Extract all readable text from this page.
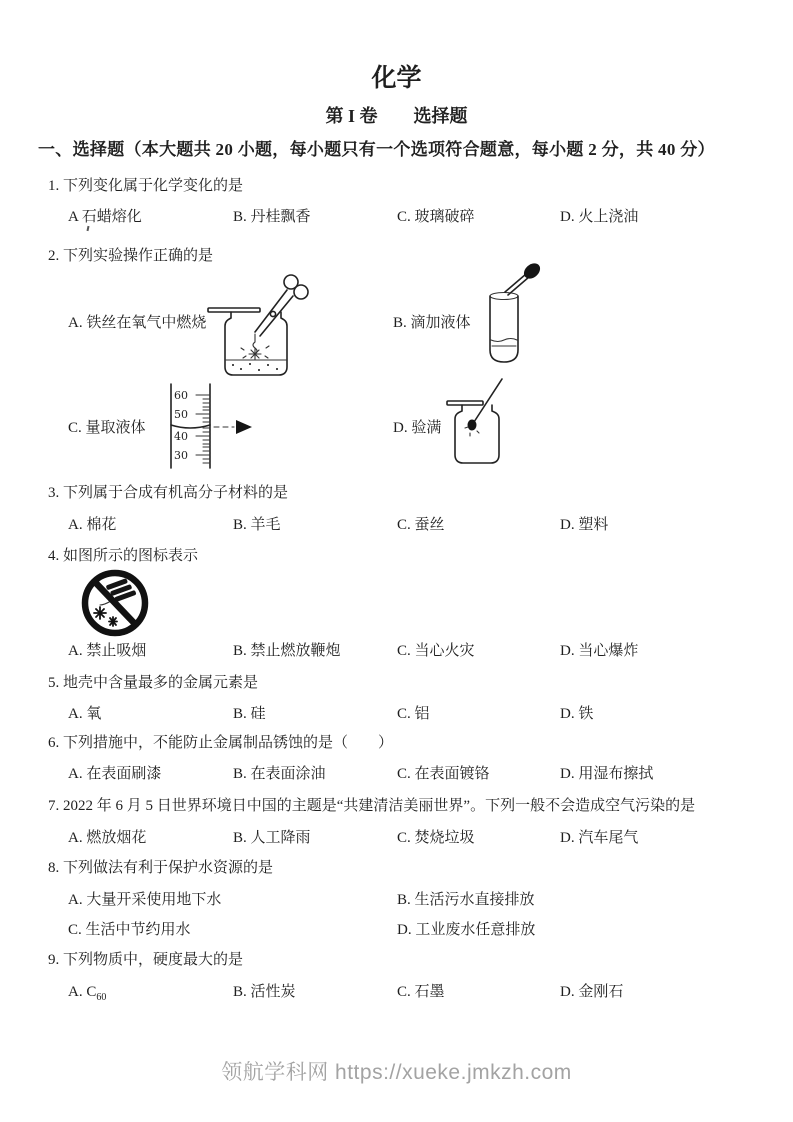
化学
第 I 卷　　选择题
一、选择题（本大题共 20 小题，每小题只有一个选项符合题意，每小题 2 分，共 40 分）
1. 下列变化属于化学变化的是
A 石蜡熔化	B. 丹桂飘香	C. 玻璃破碎	D. 火上浇油
2. 下列实验操作正确的是
A. 铁丝在氧气中燃烧	B. 滴加液体
C. 量取液体
60
50
40
30
D. 验满
3. 下列属于合成有机高分子材料的是
A. 棉花	B. 羊毛	C. 蚕丝	D. 塑料
4. 如图所示的图标表示
A. 禁止吸烟	B. 禁止燃放鞭炮	C. 当心火灾	D. 当心爆炸
5. 地壳中含量最多的金属元素是
A. 氧	B. 硅	C. 铝	D. 铁
6. 下列措施中，不能防止金属制品锈蚀的是（　　）
A. 在表面刷漆	B. 在表面涂油	C. 在表面镀铬	D. 用湿布擦拭
7. 2022 年 6 月 5 日世界环境日中国的主题是“共建清洁美丽世界”。下列一般不会造成空气污染的是
A. 燃放烟花	B. 人工降雨	C. 焚烧垃圾	D. 汽车尾气
8. 下列做法有利于保护水资源的是
A. 大量开采使用地下水	B. 生活污水直接排放
C. 生活中节约用水	D. 工业废水任意排放
9. 下列物质中，硬度最大的是
A. $C_{60}$	B. 活性炭	C. 石墨	D. 金刚石
领航学科网 https://xueke.jmkzh.com
